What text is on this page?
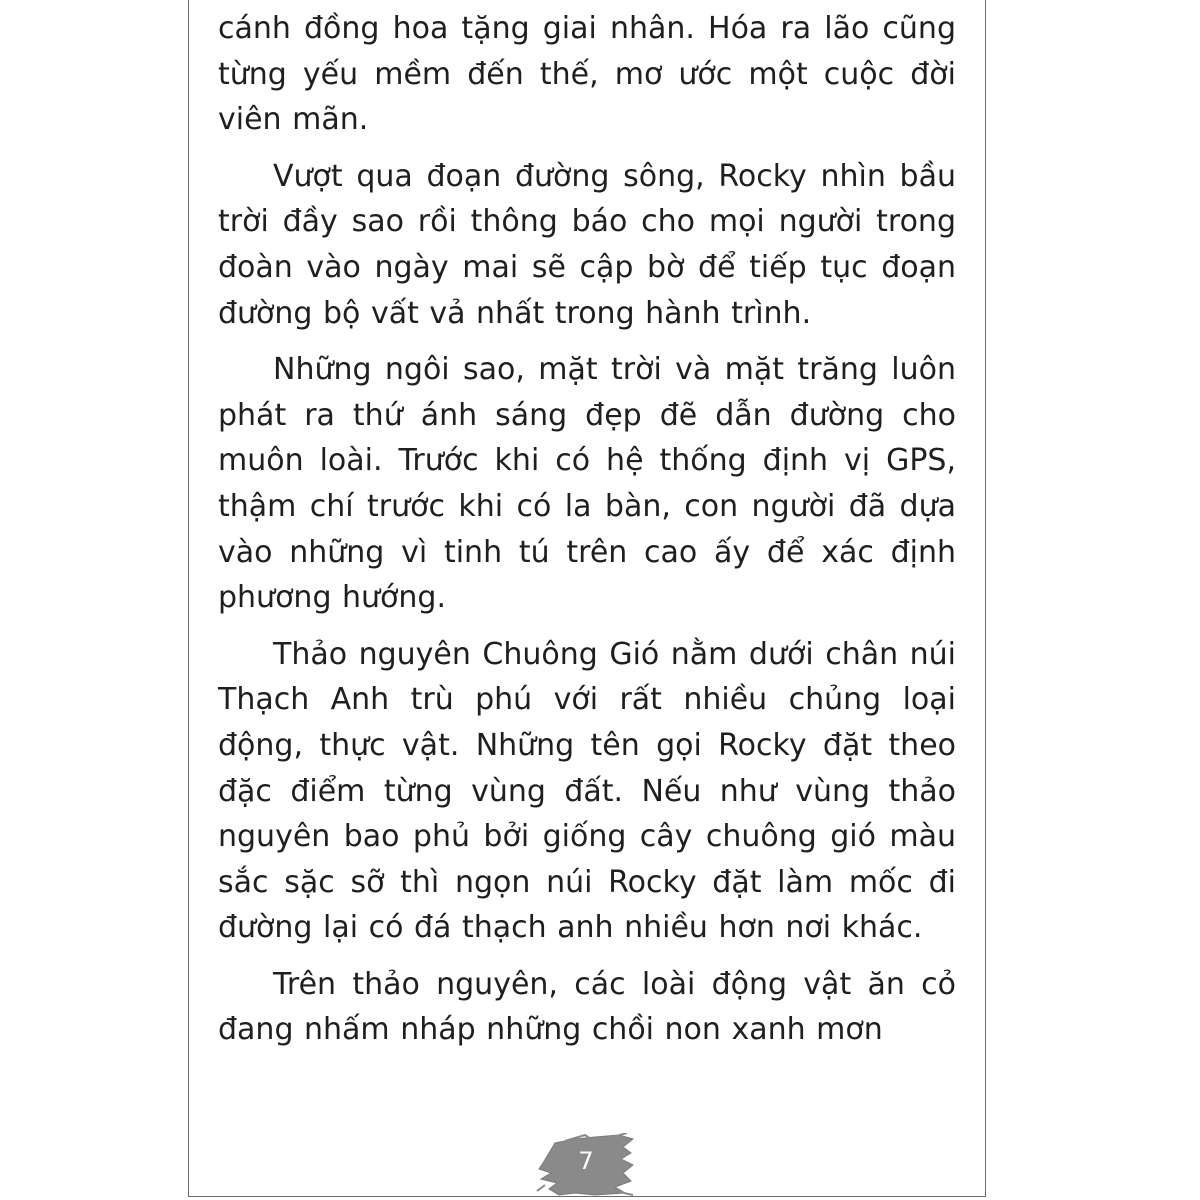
cánh đồng hoa tặng giai nhân. Hóa ra lão cũng từng yếu mềm đến thế, mơ ước một cuộc đời viên mãn.

Vượt qua đoạn đường sông, Rocky nhìn bầu trời đầy sao rồi thông báo cho mọi người trong đoàn vào ngày mai sẽ cập bờ để tiếp tục đoạn đường bộ vất vả nhất trong hành trình.

Những ngôi sao, mặt trời và mặt trăng luôn phát ra thứ ánh sáng đẹp đẽ dẫn đường cho muôn loài. Trước khi có hệ thống định vị GPS, thậm chí trước khi có la bàn, con người đã dựa vào những vì tinh tú trên cao ấy để xác định phương hướng.

Thảo nguyên Chuông Gió nằm dưới chân núi Thạch Anh trù phú với rất nhiều chủng loại động, thực vật. Những tên gọi Rocky đặt theo đặc điểm từng vùng đất. Nếu như vùng thảo nguyên bao phủ bởi giống cây chuông gió màu sắc sặc sỡ thì ngọn núi Rocky đặt làm mốc đi đường lại có đá thạch anh nhiều hơn nơi khác.

Trên thảo nguyên, các loài động vật ăn cỏ đang nhấm nháp những chồi non xanh mơn

7
